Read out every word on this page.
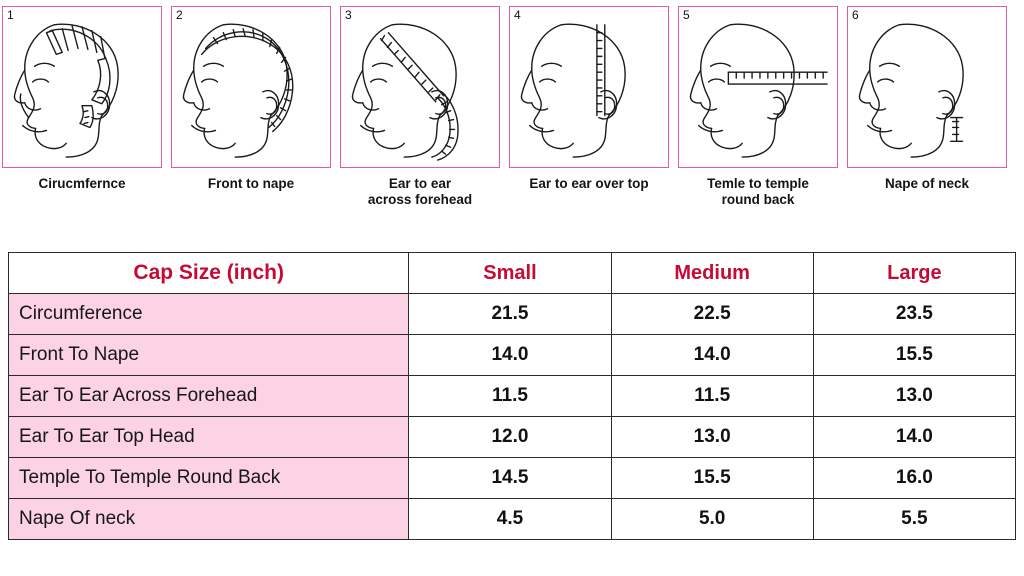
1
Cirucmfernce
2
Front to nape
3
Ear to ear
across forehead
4
Ear to ear over top
5
Temle to temple
round back
6
Nape of neck
Cap Size (inch)	Small	Medium	Large
Circumference	21.5	22.5	23.5
Front To Nape	14.0	14.0	15.5
Ear To Ear Across Forehead	11.5	11.5	13.0
Ear To Ear Top Head	12.0	13.0	14.0
Temple To Temple Round Back	14.5	15.5	16.0
Nape Of neck	4.5	5.0	5.5
